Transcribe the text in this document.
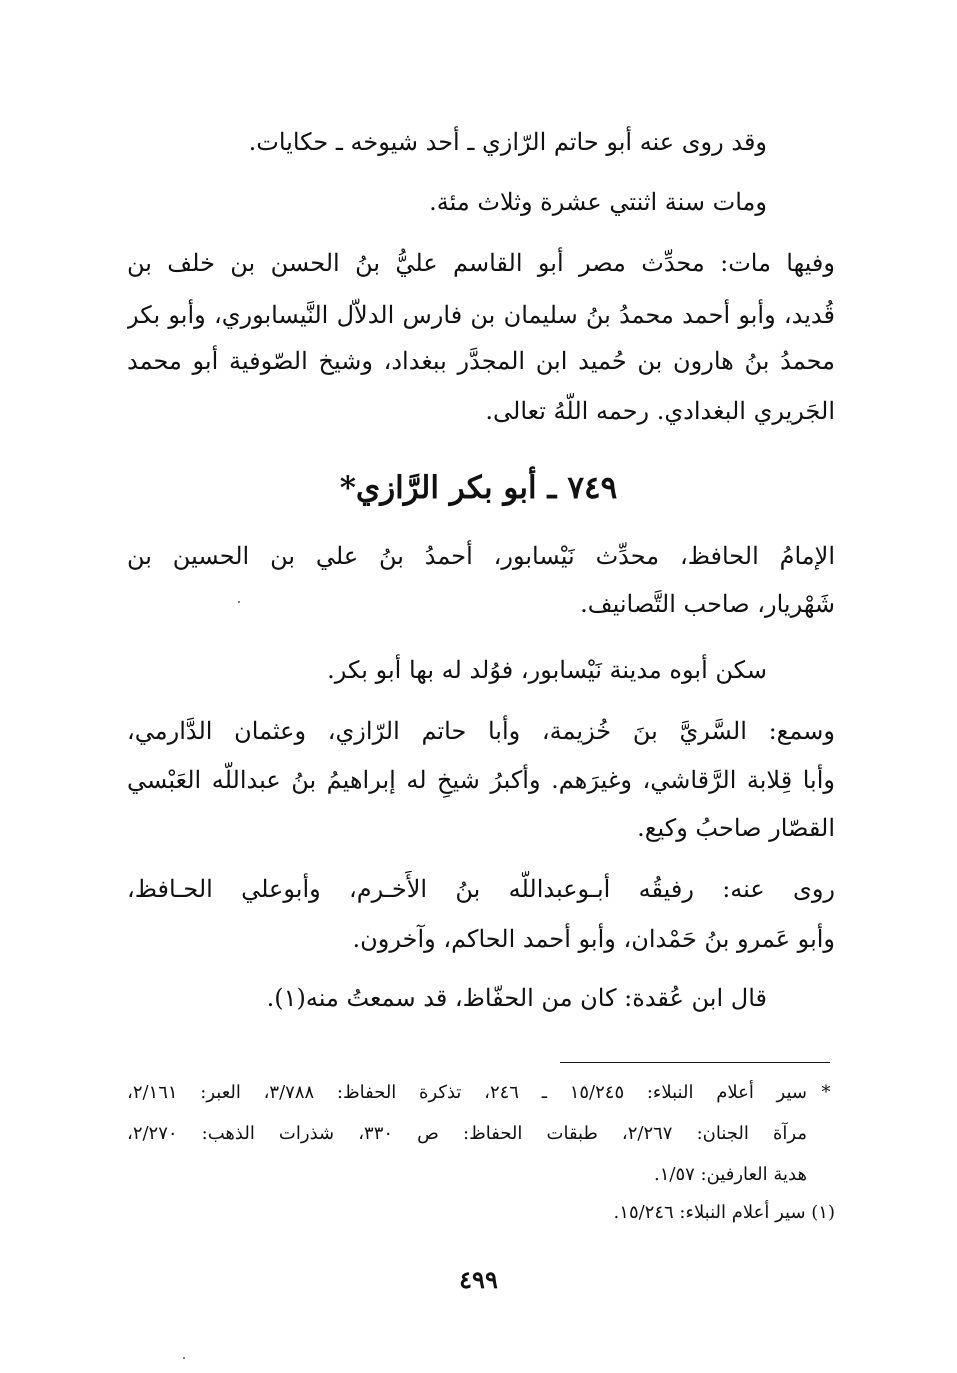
وقد روى عنه أبو حاتم الرّازي ـ أحد شيوخه ـ حكايات.
ومات سنة اثنتي عشرة وثلاث مئة.
وفيها مات: محدِّث مصر أبو القاسم عليُّ بنُ الحسن بن خلف بن
قُديد، وأبو أحمد محمدُ بنُ سليمان بن فارس الدلاّل النَّيسابوري، وأبو بكر
محمدُ بنُ هارون بن حُميد ابن المجدَّر ببغداد، وشيخ الصّوفية أبو محمد
الجَريري البغدادي. رحمه اللَّهُ تعالى.
٧٤٩ ـ أبو بكر الرَّازي*
الإمامُ الحافظ، محدِّث نَيْسابور، أحمدُ بنُ علي بن الحسين بن
شَهْريار، صاحب التَّصانيف.
سكن أبوه مدينة نَيْسابور، فوُلد له بها أبو بكر.
وسمع: السَّريَّ بنَ خُزيمة، وأبا حاتم الرّازي، وعثمان الدَّارمي،
وأبا قِلابة الرَّقاشي، وغيرَهم. وأكبرُ شيخٍ له إبراهيمُ بنُ عبداللَّه العَبْسي
القصّار صاحبُ وكيع.
روى عنه: رفيقُه أبـوعبداللَّه بنُ الأَخـرم، وأبوعلي الحـافظ،
وأبو عَمرو بنُ حَمْدان، وأبو أحمد الحاكم، وآخرون.
قال ابن عُقدة: كان من الحفّاظ، قد سمعتُ منه(١).
*
سير أعلام النبلاء: ١٥/٢٤٥ ـ ٢٤٦، تذكرة الحفاظ: ٣/٧٨٨، العبر: ٢/١٦١،
مرآة الجنان: ٢/٢٦٧، طبقات الحفاظ: ص ٣٣٠، شذرات الذهب: ٢/٢٧٠،
هدية العارفين: ١/٥٧.
(١) سير أعلام النبلاء: ١٥/٢٤٦.
٤٩٩
